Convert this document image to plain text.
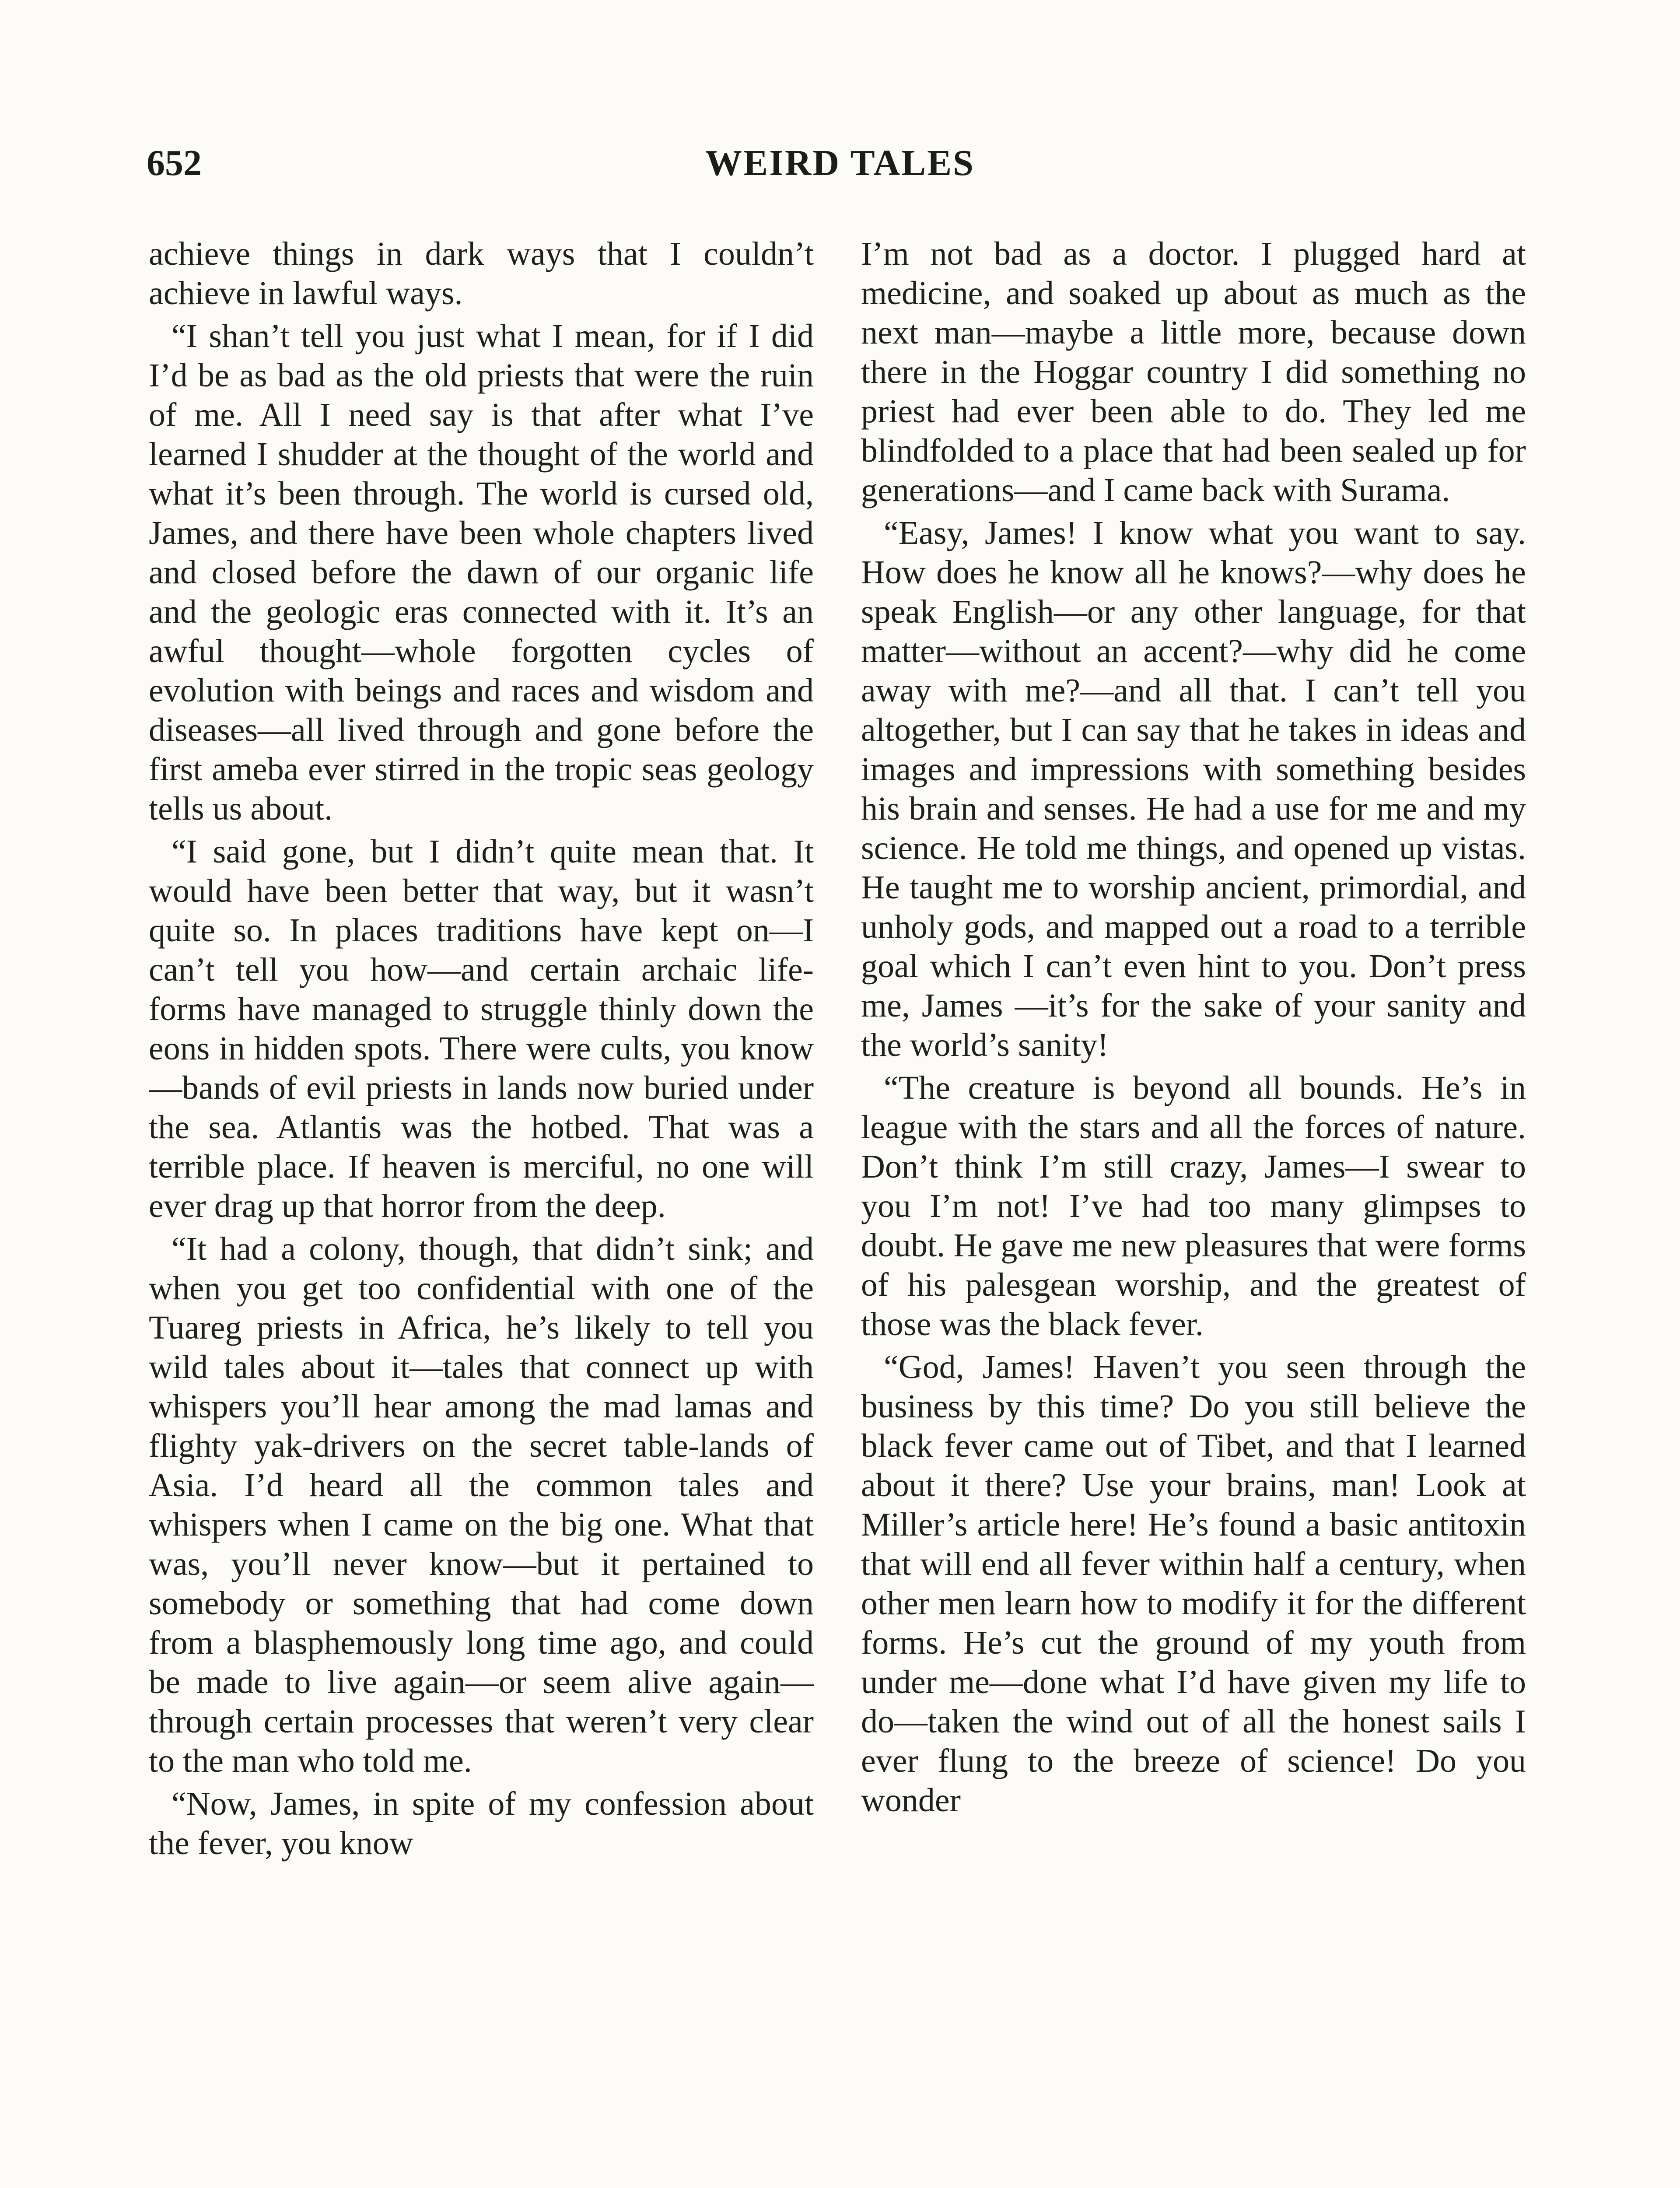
652	WEIRD TALES

achieve things in dark ways that I couldn’t achieve in lawful ways.

“I shan’t tell you just what I mean, for if I did I’d be as bad as the old priests that were the ruin of me. All I need say is that after what I’ve learned I shudder at the thought of the world and what it’s been through. The world is cursed old, James, and there have been whole chapters lived and closed before the dawn of our organic life and the geologic eras connected with it. It’s an awful thought—whole forgotten cycles of evolution with beings and races and wisdom and diseases—all lived through and gone before the first ameba ever stirred in the tropic seas geology tells us about.

“I said gone, but I didn’t quite mean that. It would have been better that way, but it wasn’t quite so. In places traditions have kept on—I can’t tell you how—and certain archaic life-forms have managed to struggle thinly down the eons in hidden spots. There were cults, you know—bands of evil priests in lands now buried under the sea. Atlantis was the hotbed. That was a terrible place. If heaven is merciful, no one will ever drag up that horror from the deep.

“It had a colony, though, that didn’t sink; and when you get too confidential with one of the Tuareg priests in Africa, he’s likely to tell you wild tales about it—tales that connect up with whispers you’ll hear among the mad lamas and flighty yak-drivers on the secret table-lands of Asia. I’d heard all the common tales and whispers when I came on the big one. What that was, you’ll never know—but it pertained to somebody or something that had come down from a blasphemously long time ago, and could be made to live again—or seem alive again—through certain processes that weren’t very clear to the man who told me.

“Now, James, in spite of my confession about the fever, you know

I’m not bad as a doctor. I plugged hard at medicine, and soaked up about as much as the next man—maybe a little more, because down there in the Hoggar country I did something no priest had ever been able to do. They led me blindfolded to a place that had been sealed up for generations—and I came back with Surama.

“Easy, James! I know what you want to say. How does he know all he knows?—why does he speak English—or any other language, for that matter—without an accent?—why did he come away with me?—and all that. I can’t tell you altogether, but I can say that he takes in ideas and images and impressions with something besides his brain and senses. He had a use for me and my science. He told me things, and opened up vistas. He taught me to worship ancient, primordial, and unholy gods, and mapped out a road to a terrible goal which I can’t even hint to you. Don’t press me, James —it’s for the sake of your sanity and the world’s sanity!

“The creature is beyond all bounds. He’s in league with the stars and all the forces of nature. Don’t think I’m still crazy, James—I swear to you I’m not! I’ve had too many glimpses to doubt. He gave me new pleasures that were forms of his palesgean worship, and the greatest of those was the black fever.

“God, James! Haven’t you seen through the business by this time? Do you still believe the black fever came out of Tibet, and that I learned about it there? Use your brains, man! Look at Miller’s article here! He’s found a basic antitoxin that will end all fever within half a century, when other men learn how to modify it for the different forms. He’s cut the ground of my youth from under me—done what I’d have given my life to do—taken the wind out of all the honest sails I ever flung to the breeze of science! Do you wonder
